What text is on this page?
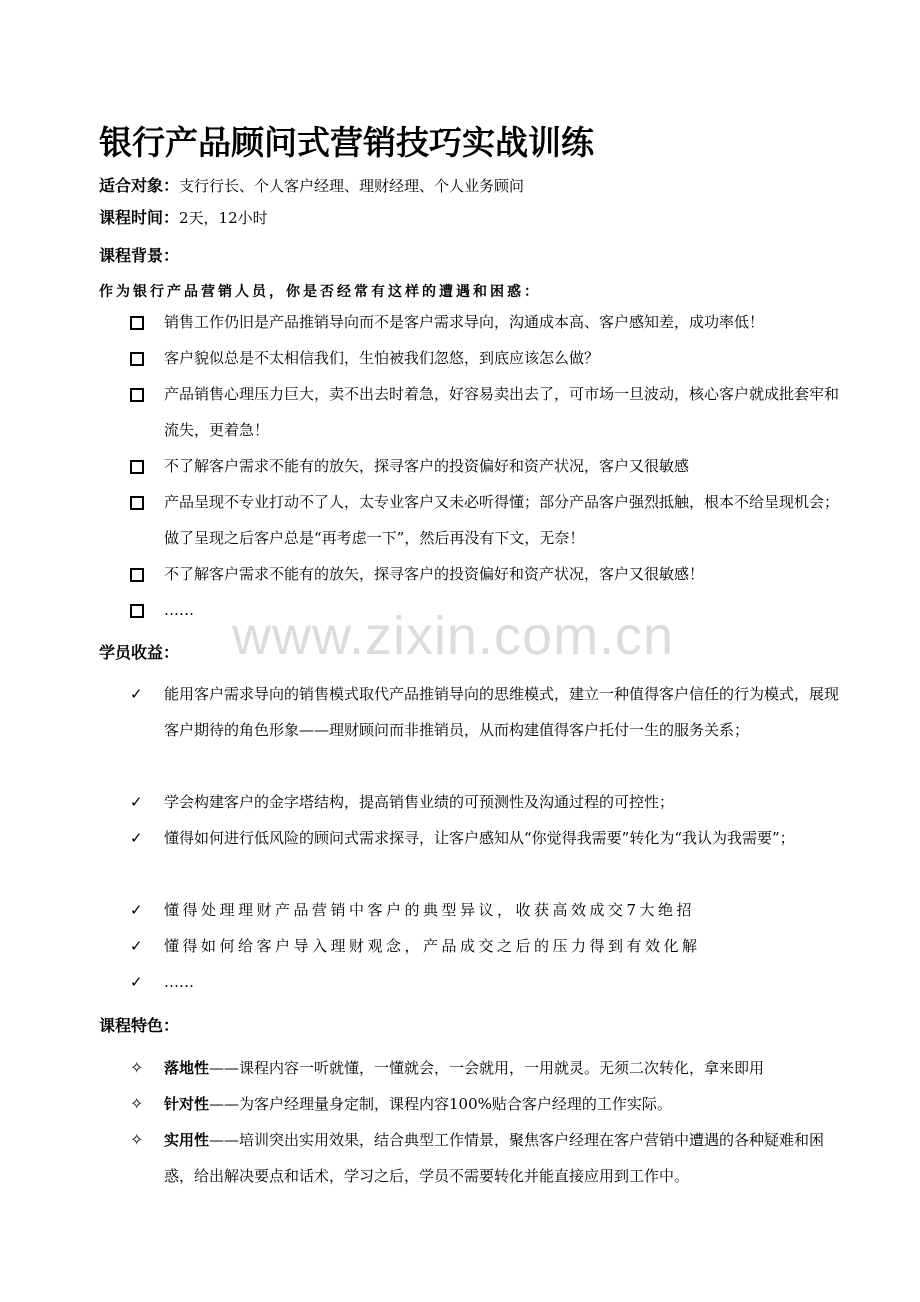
银行产品顾问式营销技巧实战训练
适合对象：支行行长、个人客户经理、理财经理、个人业务顾问
课程时间：2天，12小时
课程背景：
作为银行产品营销人员，你是否经常有这样的遭遇和困惑：
销售工作仍旧是产品推销导向而不是客户需求导向，沟通成本高、客户感知差，成功率低！
客户貌似总是不太相信我们，生怕被我们忽悠，到底应该怎么做？
产品销售心理压力巨大，卖不出去时着急，好容易卖出去了，可市场一旦波动，核心客户就成批套牢和流失，更着急！
不了解客户需求不能有的放矢，探寻客户的投资偏好和资产状况，客户又很敏感
产品呈现不专业打动不了人，太专业客户又未必听得懂；部分产品客户强烈抵触，根本不给呈现机会；做了呈现之后客户总是“再考虑一下”，然后再没有下文，无奈！
不了解客户需求不能有的放矢，探寻客户的投资偏好和资产状况，客户又很敏感！
…… www.zixin.com.cn
学员收益：
✓	能用客户需求导向的销售模式取代产品推销导向的思维模式，建立一种值得客户信任的行为模式，展现客户期待的角色形象——理财顾问而非推销员，从而构建值得客户托付一生的服务关系；
✓	学会构建客户的金字塔结构，提高销售业绩的可预测性及沟通过程的可控性；
✓	懂得如何进行低风险的顾问式需求探寻，让客户感知从“你觉得我需要”转化为“我认为我需要”；
✓	懂得处理理财产品营销中客户的典型异议，收获高效成交7大绝招
✓	懂得如何给客户导入理财观念，产品成交之后的压力得到有效化解
✓	……
课程特色：
✧	落地性——课程内容一听就懂，一懂就会，一会就用，一用就灵。无须二次转化，拿来即用
✧	针对性——为客户经理量身定制，课程内容100%贴合客户经理的工作实际。
✧	实用性——培训突出实用效果，结合典型工作情景，聚焦客户经理在客户营销中遭遇的各种疑难和困惑，给出解决要点和话术，学习之后，学员不需要转化并能直接应用到工作中。
